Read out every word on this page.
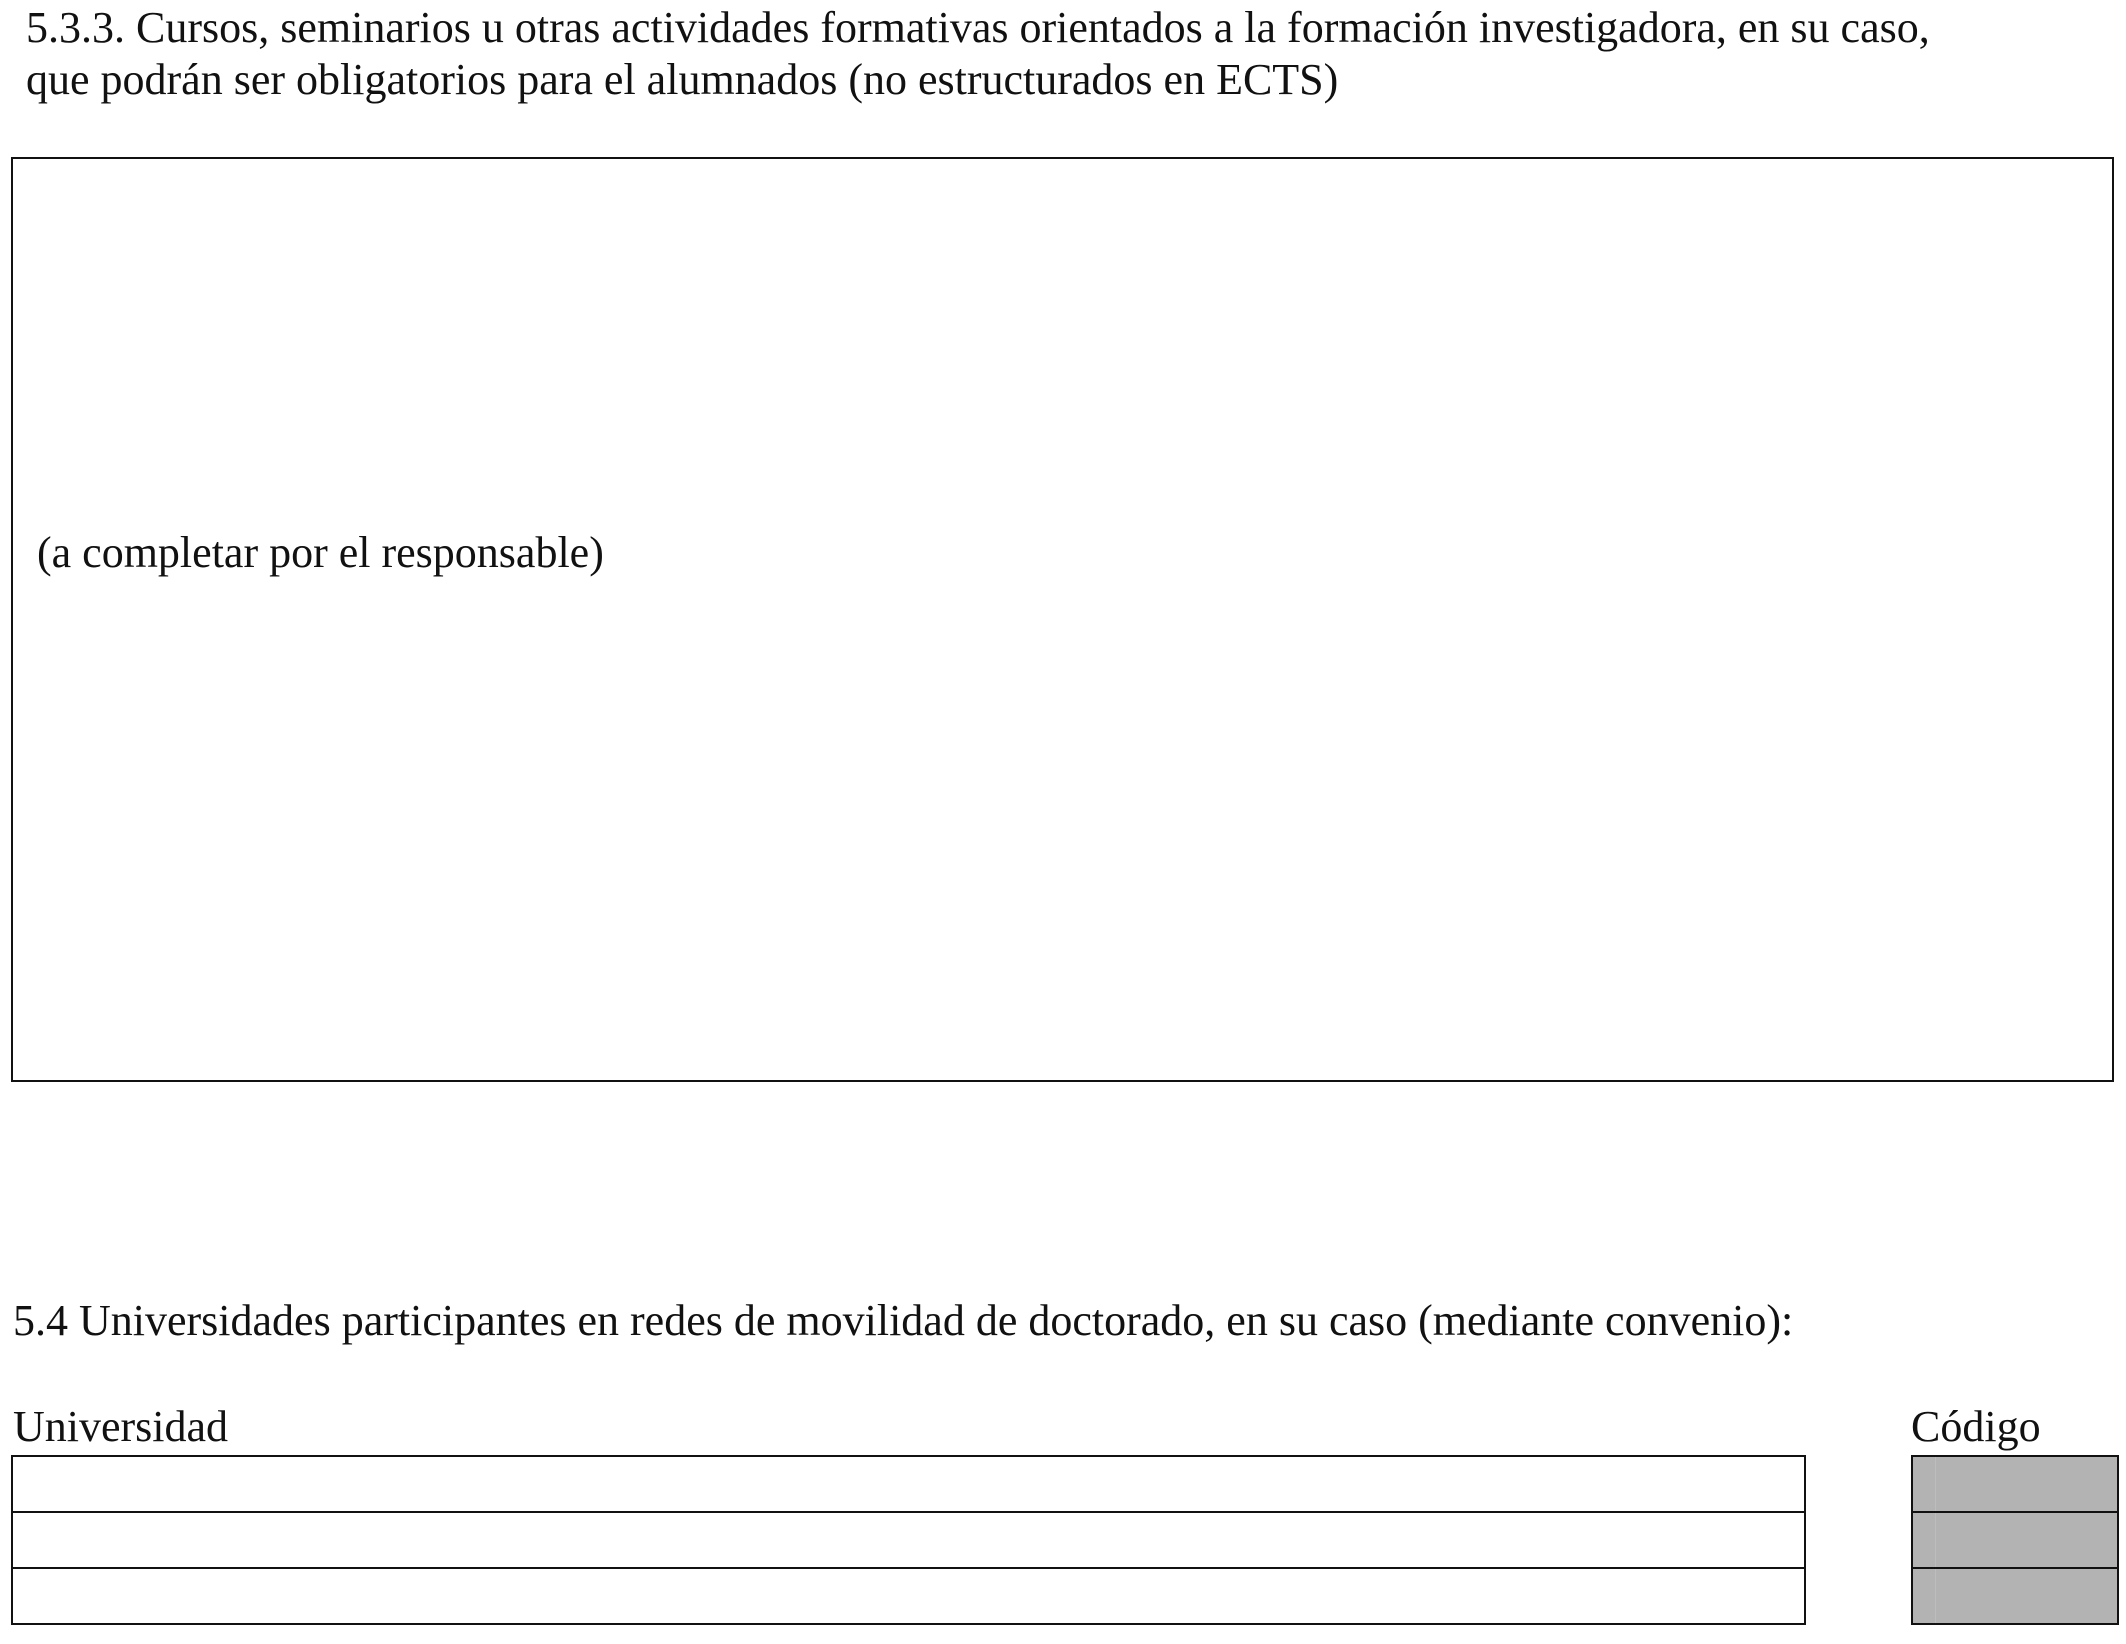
5.3.3. Cursos, seminarios u otras actividades formativas orientados a la formación investigadora, en su caso,
que podrán ser obligatorios para el alumnados (no estructurados en ECTS)
(a completar por el responsable)
5.4 Universidades participantes en redes de movilidad de doctorado, en su caso (mediante convenio):
Universidad	Código
